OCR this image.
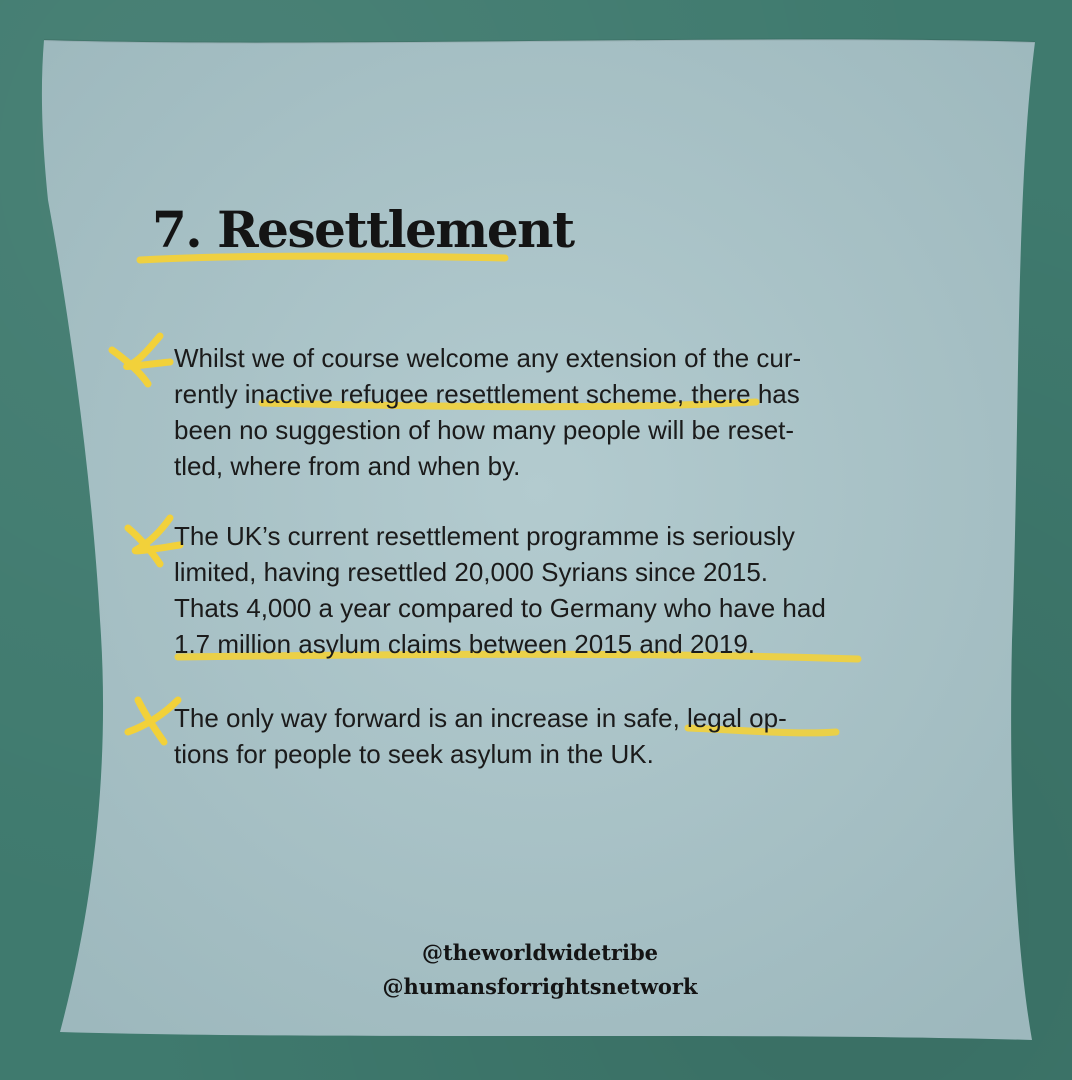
7. Resettlement
Whilst we of course welcome any extension of the cur-
rently inactive refugee resettlement scheme, there has
been no suggestion of how many people will be reset-
tled, where from and when by.
The UK’s current resettlement programme is seriously
limited, having resettled 20,000 Syrians since 2015.
Thats 4,000 a year compared to Germany who have had
1.7 million asylum claims between 2015 and 2019.
The only way forward is an increase in safe, legal op-
tions for people to seek asylum in the UK.
@theworldwidetribe
@humansforrightsnetwork
